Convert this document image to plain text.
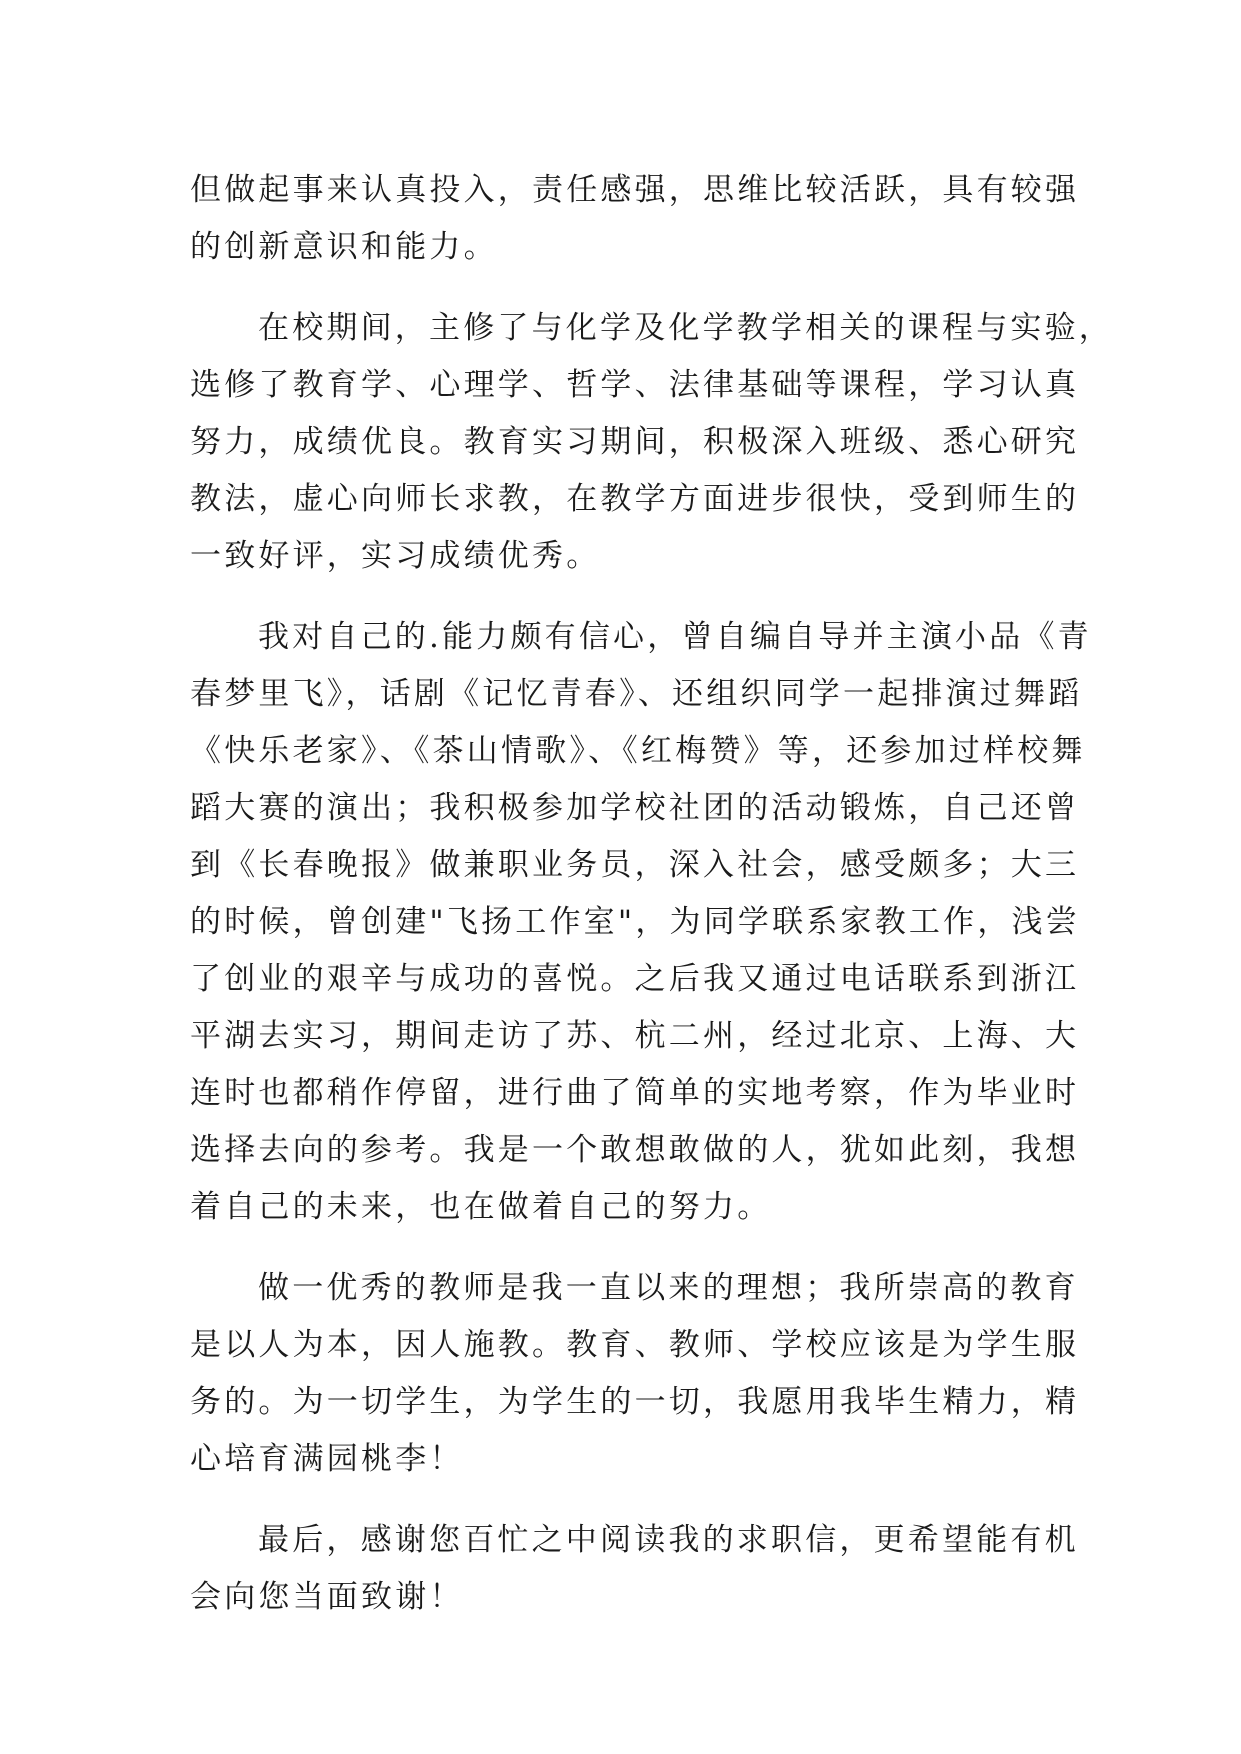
但做起事来认真投入，责任感强，思维比较活跃，具有较强
的创新意识和能力。
在校期间，主修了与化学及化学教学相关的课程与实验，
选修了教育学、心理学、哲学、法律基础等课程，学习认真
努力，成绩优良。教育实习期间，积极深入班级、悉心研究
教法，虚心向师长求教，在教学方面进步很快，受到师生的
一致好评，实习成绩优秀。
我对自己的.能力颇有信心，曾自编自导并主演小品《青
春梦里飞》，话剧《记忆青春》、还组织同学一起排演过舞蹈
《快乐老家》、《茶山情歌》、《红梅赞》等，还参加过样校舞
蹈大赛的演出；我积极参加学校社团的活动锻炼，自己还曾
到《长春晚报》做兼职业务员，深入社会，感受颇多；大三
的时候，曾创建"飞扬工作室"，为同学联系家教工作，浅尝
了创业的艰辛与成功的喜悦。之后我又通过电话联系到浙江
平湖去实习，期间走访了苏、杭二州，经过北京、上海、大
连时也都稍作停留，进行曲了简单的实地考察，作为毕业时
选择去向的参考。我是一个敢想敢做的人，犹如此刻，我想
着自己的未来，也在做着自己的努力。
做一优秀的教师是我一直以来的理想；我所崇高的教育
是以人为本，因人施教。教育、教师、学校应该是为学生服
务的。为一切学生，为学生的一切，我愿用我毕生精力，精
心培育满园桃李！
最后，感谢您百忙之中阅读我的求职信，更希望能有机
会向您当面致谢！
